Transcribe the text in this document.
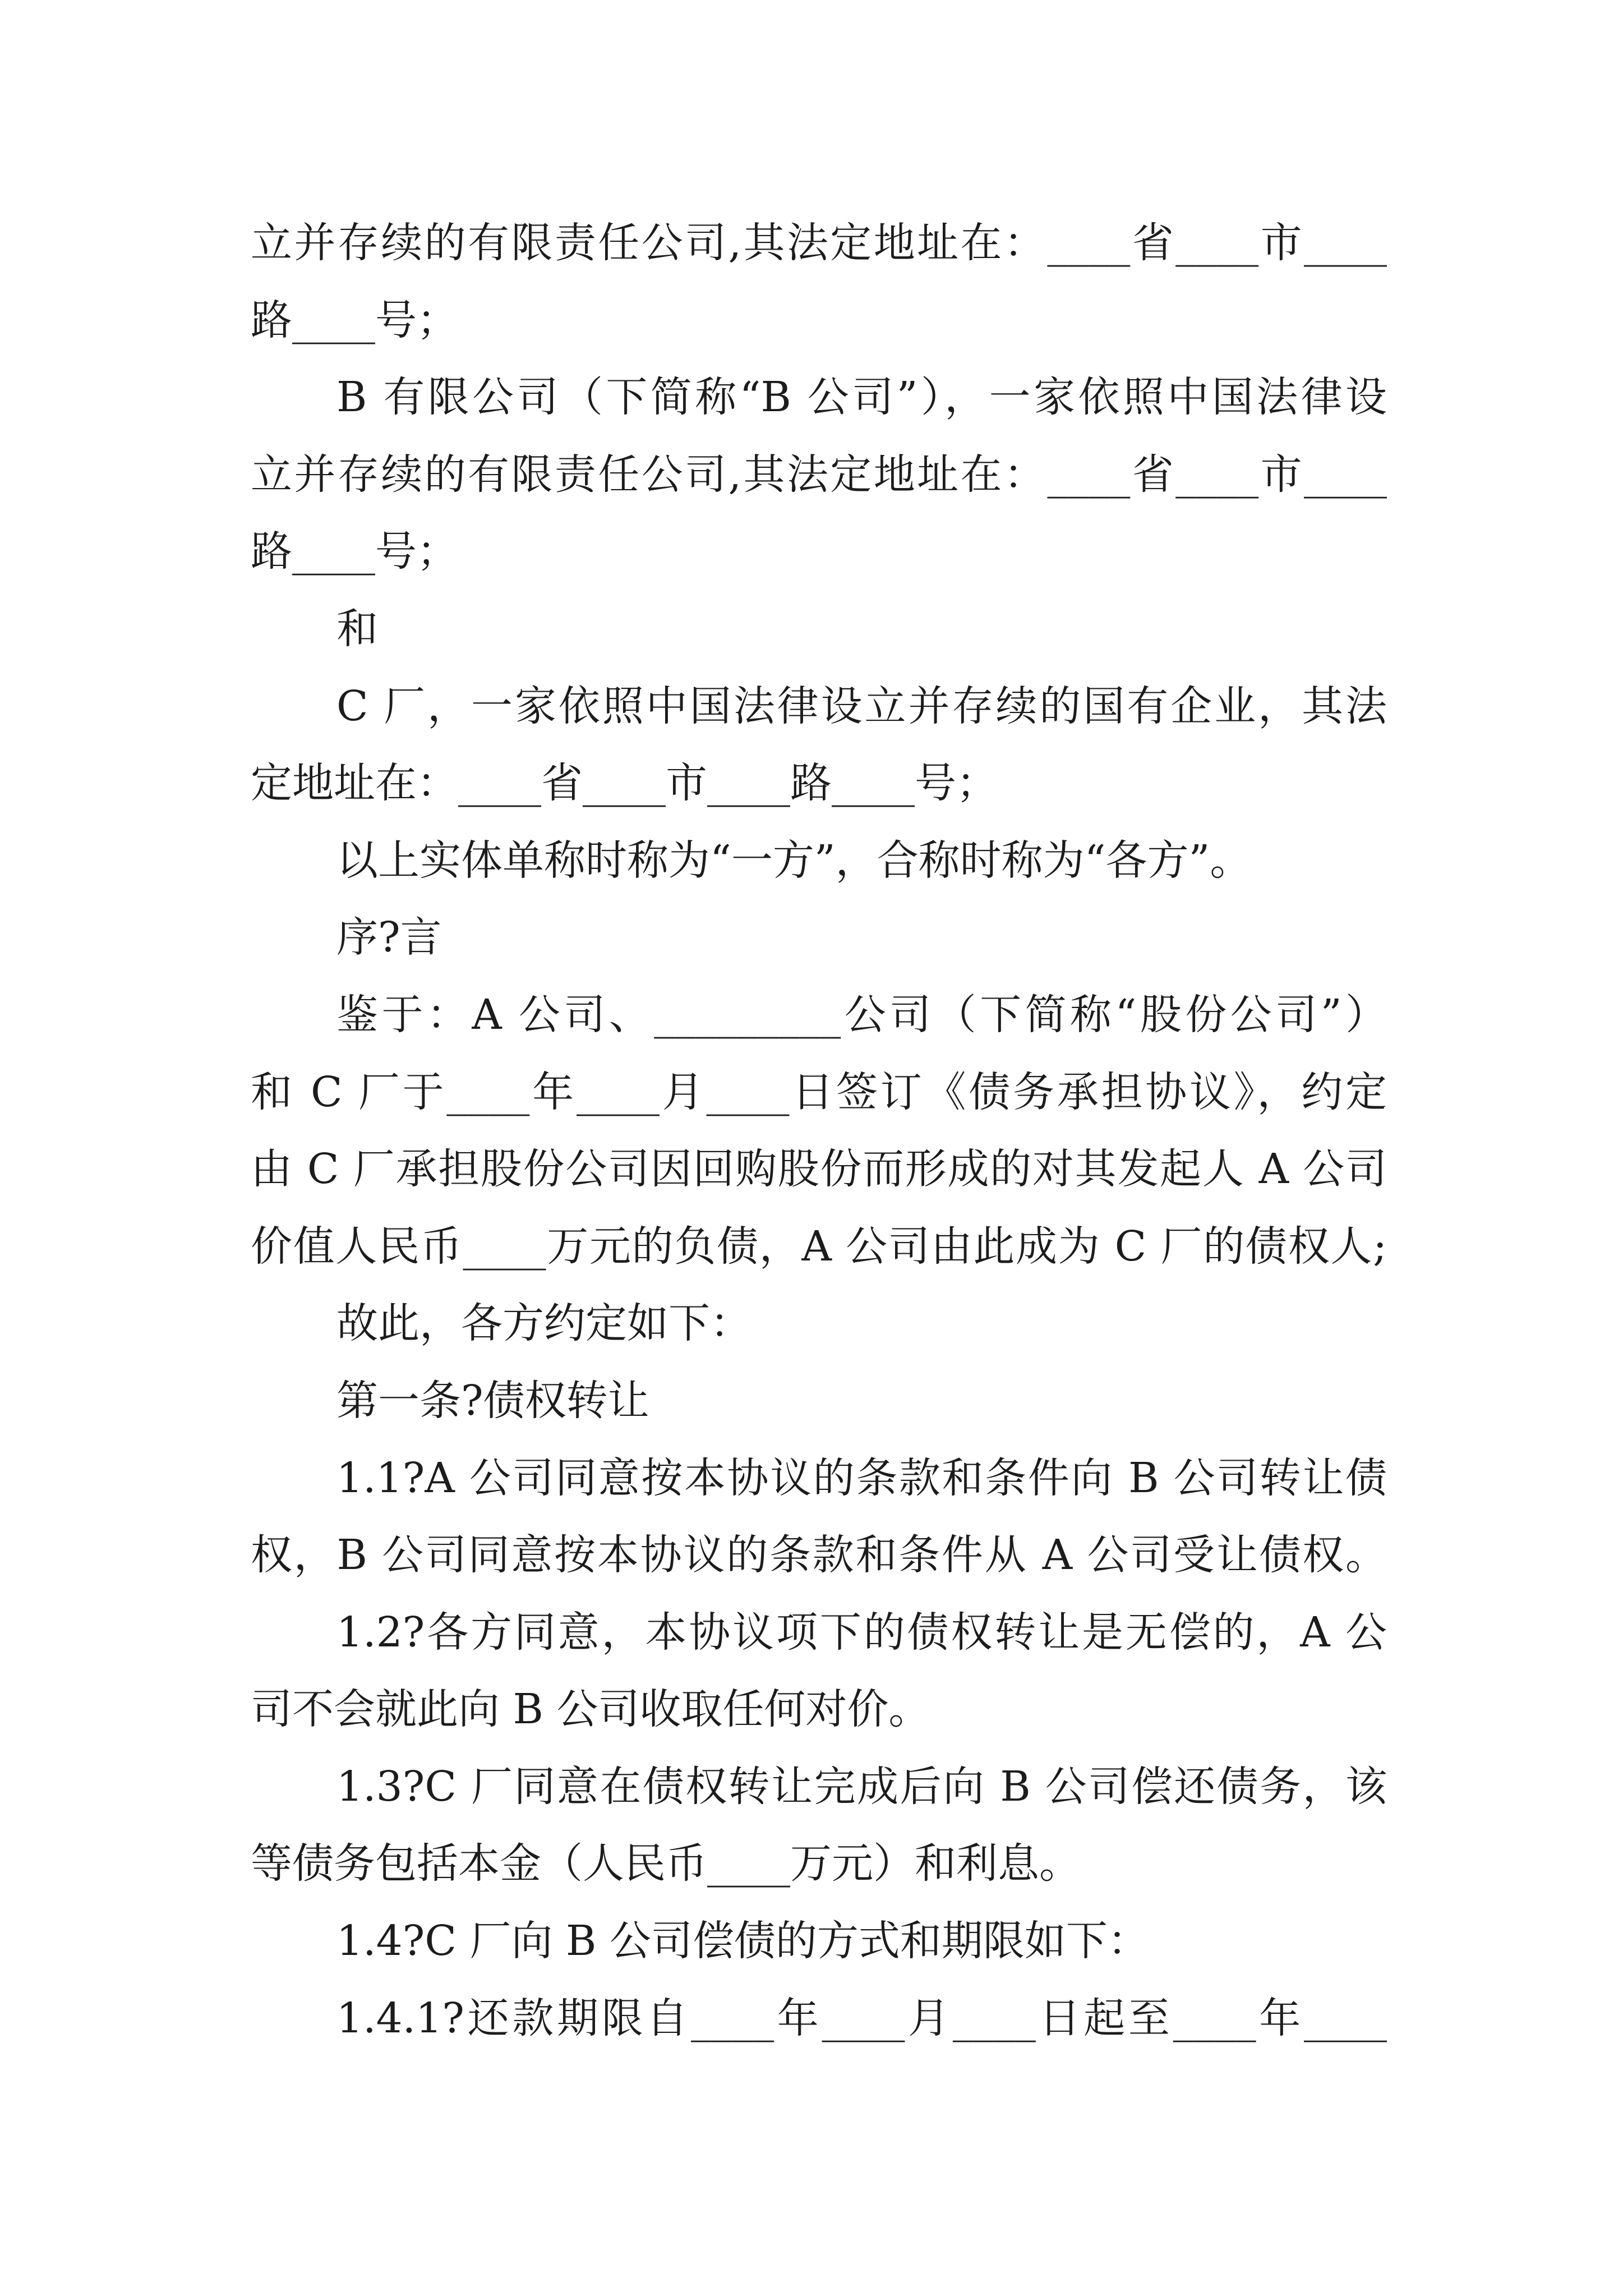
立并存续的有限责任公司,其法定地址在：____省____市____
路____号；
B 有限公司（下简称“B 公司”），一家依照中国法律设
立并存续的有限责任公司,其法定地址在：____省____市____
路____号；
和
C 厂，一家依照中国法律设立并存续的国有企业，其法
定地址在：____省____市____路____号；
以上实体单称时称为“一方”，合称时称为“各方”。
序?言
鉴于：A 公司、_________公司（下简称“股份公司”）
和 C 厂于____年____月____日签订《债务承担协议》，约定
由 C 厂承担股份公司因回购股份而形成的对其发起人 A 公司
价值人民币____万元的负债，A 公司由此成为 C 厂的债权人;
故此，各方约定如下：
第一条?债权转让
1.1?A 公司同意按本协议的条款和条件向 B 公司转让债
权，B 公司同意按本协议的条款和条件从 A 公司受让债权。
1.2?各方同意，本协议项下的债权转让是无偿的，A 公
司不会就此向 B 公司收取任何对价。
1.3?C 厂同意在债权转让完成后向 B 公司偿还债务，该
等债务包括本金（人民币____万元）和利息。
1.4?C 厂向 B 公司偿债的方式和期限如下：
1.4.1?还款期限自____年____月____日起至____年____
